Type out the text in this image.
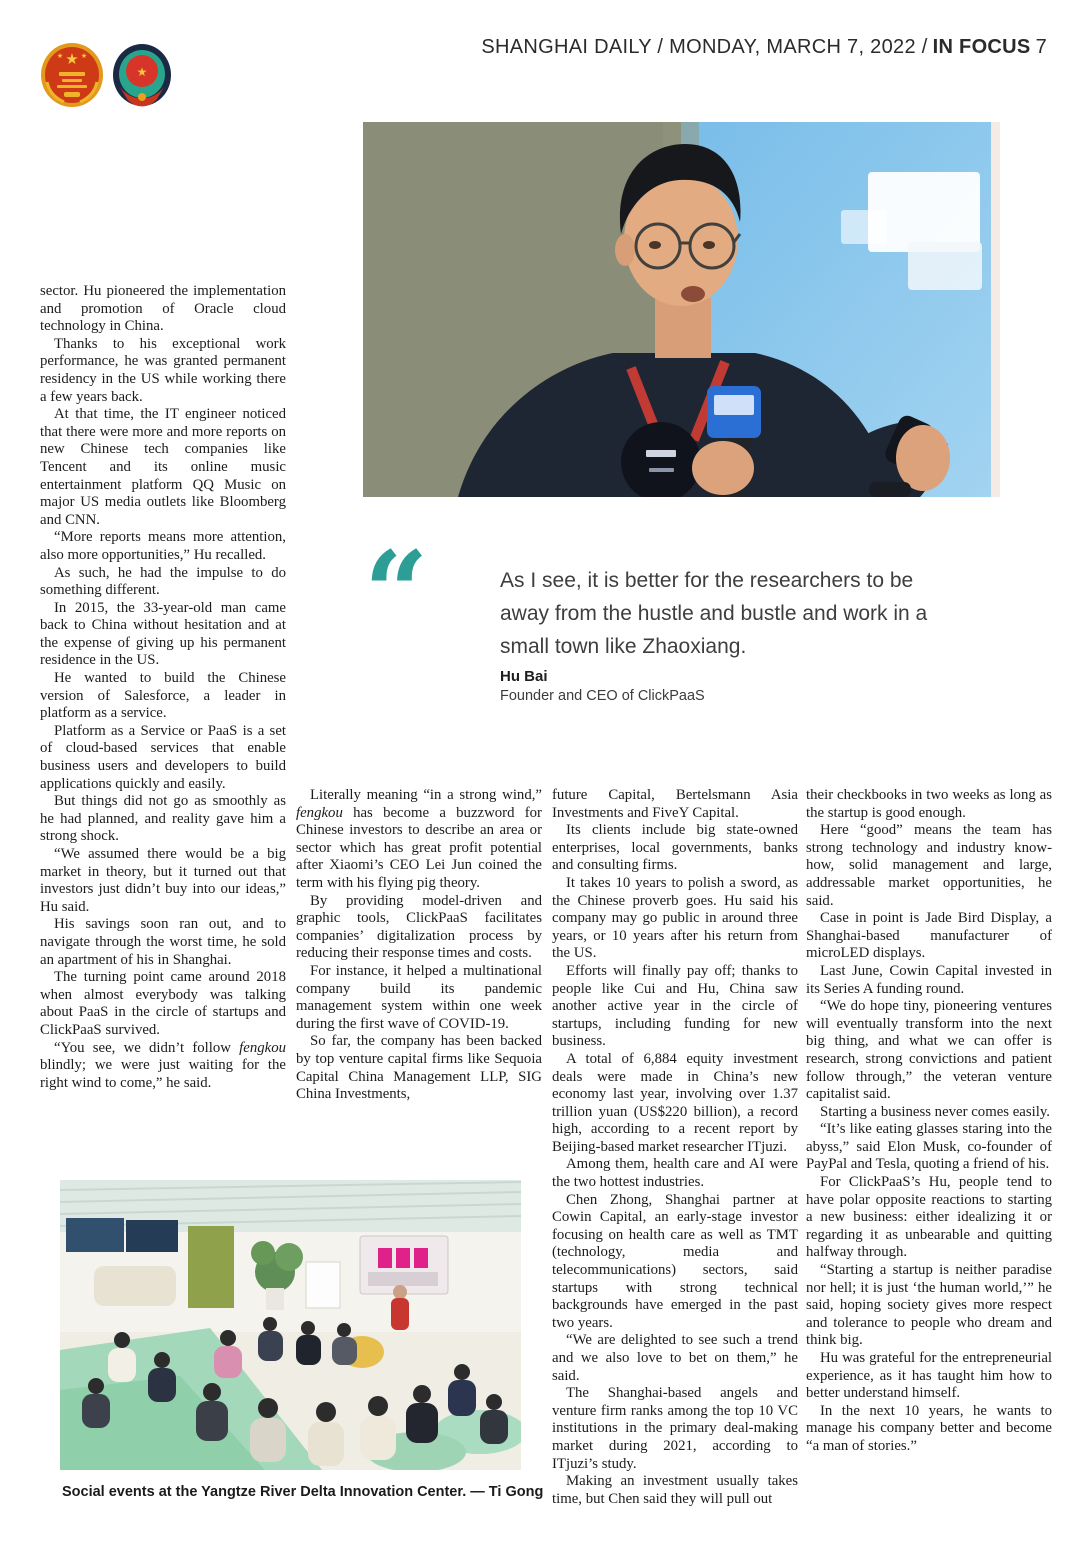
★
★	★
★
SHANGHAI DAILY / MONDAY, MARCH 7, 2022 / IN FOCUS 7
“	As I see, it is better for the researchers to be away from the hustle and bustle and work in a small town like Zhaoxiang.
Hu Bai
Founder and CEO of ClickPaaS

sector. Hu pioneered the implementation and promotion of Oracle cloud technology in China.

Thanks to his exceptional work performance, he was granted permanent residency in the US while working there a few years back.

At that time, the IT engineer noticed that there were more and more reports on new Chinese tech companies like Tencent and its online music entertainment platform QQ Music on major US media outlets like Bloomberg and CNN.

“More reports means more attention, also more opportunities,” Hu recalled.

As such, he had the impulse to do something different.

In 2015, the 33-year-old man came back to China without hesitation and at the expense of giving up his permanent residence in the US.

He wanted to build the Chinese version of Salesforce, a leader in platform as a service.

Platform as a Service or PaaS is a set of cloud-based services that enable business users and developers to build applications quickly and easily.

But things did not go as smoothly as he had planned, and reality gave him a strong shock.

“We assumed there would be a big market in theory, but it turned out that investors just didn’t buy into our ideas,” Hu said.

His savings soon ran out, and to navigate through the worst time, he sold an apartment of his in Shanghai.

The turning point came around 2018 when almost everybody was talking about PaaS in the circle of startups and ClickPaaS survived.

“You see, we didn’t follow fengkou blindly; we were just waiting for the right wind to come,” he said.

Literally meaning “in a strong wind,” fengkou has become a buzzword for Chinese investors to describe an area or sector which has great profit potential after Xiaomi’s CEO Lei Jun coined the term with his flying pig theory.

By providing model-driven and graphic tools, ClickPaaS facilitates companies’ digitalization process by reducing their response times and costs.

For instance, it helped a multinational company build its pandemic management system within one week during the first wave of COVID-19.

So far, the company has been backed by top venture capital firms like Sequoia Capital China Management LLP, SIG China Investments,

future Capital, Bertelsmann Asia Investments and FiveY Capital.

Its clients include big state-owned enterprises, local governments, banks and consulting firms.

It takes 10 years to polish a sword, as the Chinese proverb goes. Hu said his company may go public in around three years, or 10 years after his return from the US.

Efforts will finally pay off; thanks to people like Cui and Hu, China saw another active year in the circle of startups, including funding for new business.

A total of 6,884 equity investment deals were made in China’s new economy last year, involving over 1.37 trillion yuan (US$220 billion), a record high, according to a recent report by Beijing-based market researcher ITjuzi.

Among them, health care and AI were the two hottest industries.

Chen Zhong, Shanghai partner at Cowin Capital, an early-stage investor focusing on health care as well as TMT (technology, media and telecommunications) sectors, said startups with strong technical backgrounds have emerged in the past two years.

“We are delighted to see such a trend and we also love to bet on them,” he said.

The Shanghai-based angels and venture firm ranks among the top 10 VC institutions in the primary deal-making market during 2021, according to ITjuzi’s study.

Making an investment usually takes time, but Chen said they will pull out

their checkbooks in two weeks as long as the startup is good enough.

Here “good” means the team has strong technology and industry know-how, solid management and large, addressable market opportunities, he said.

Case in point is Jade Bird Display, a Shanghai-based manufacturer of microLED displays.

Last June, Cowin Capital invested in its Series A funding round.

“We do hope tiny, pioneering ventures will eventually transform into the next big thing, and what we can offer is research, strong convictions and patient follow through,” the veteran venture capitalist said.

Starting a business never comes easily.

“It’s like eating glasses staring into the abyss,” said Elon Musk, co-founder of PayPal and Tesla, quoting a friend of his.

For ClickPaaS’s Hu, people tend to have polar opposite reactions to starting a new business: either idealizing it or regarding it as unbearable and quitting halfway through.

“Starting a startup is neither paradise nor hell; it is just ‘the human world,’” he said, hoping society gives more respect and tolerance to people who dream and think big.

Hu was grateful for the entrepreneurial experience, as it has taught him how to better understand himself.

In the next 10 years, he wants to manage his company better and become “a man of stories.”

Social events at the Yangtze River Delta Innovation Center. — Ti Gong
